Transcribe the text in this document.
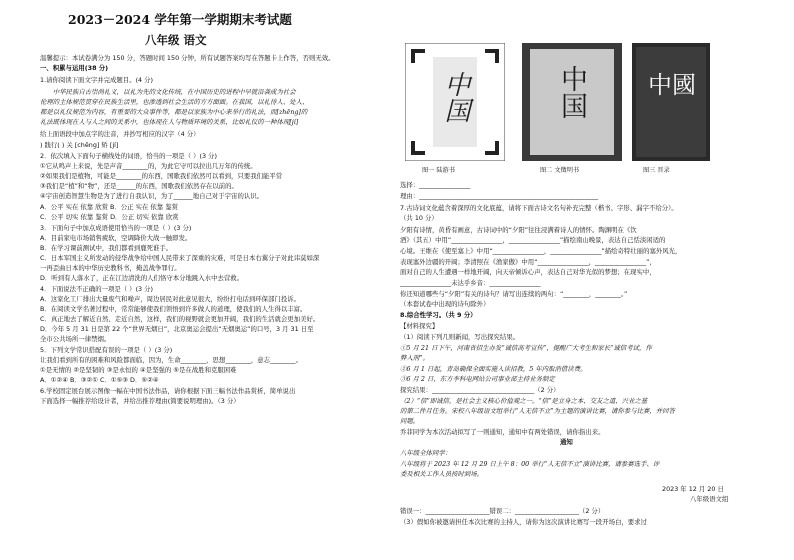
2023－2024 学年第一学期期末考试题
八年级 语文
温馨提示：本试卷满分为 150 分，答题时间 150 分钟，所有试题答案均写在答题卡上作答，否则无效。
一、积累与运用(38 分)
1.请你阅读下面文字并完成题目。(4 分)
　　中华民族自古崇尚礼义，以礼为先的文化传统，在中国历史的进程中早就沿袭成为社会
伦理的主体规范贯穿在民族生活里，也渗透到社会生活的方方面面。在我国，以礼待人、处人、
都是以礼仪规范为内容，有重要的大众事件等，都是以家族为中心来举行的礼法，而[zhēng]的
礼法既体现在人与人之间的关系中，也体现在人与物质环境的关系，比如礼仪的一种体现[jí]
给上面语段中加点字的注音，并抄写相应的汉字（4 分）
) 践行( ) 关 [chēng] 矫 [jí]
2．依次填入下面句子横线处的词语，恰当的一项是（ ）(3 分)
①它从鸣声上来说，先是声音________的，为此它守可以拉出几万年的传统。
②如果我们是植物，可能是________的东西，国歌我们依然可以看到，只要我们能平常
③我们是“植”和“物”，还是______的东西，国歌我们依然存在以前的。
④宇宙创造智慧生物是为了进行自我认识，为了______地自己对于宇宙的认识。
A．公平 实在 依靠 欣赏 B．公正 实在 依靠 鉴赏
C．公平 切实 依靠 鉴赏 D．公正 切实 依靠 欣赏
3．下面句子中加点成语使用恰当的一项是（ ）(3 分)
A．目前家电市场销售疲软，空调降价大战一触即发。
B．在学习课前测试中，我们都看到鹿死谁手。
C．日本军国主义所发动的侵华战争给中国人民带来了深重的灾难，可是日本右翼分子对此讳莫如深
一再歪曲日本的中华历史教科书，掩盖战争罪行。
D．听到有人落水了，正在江边清洗的人们恪守本分地跳入水中去营救。
4．下面说法不正确的一项是（ ）(3 分)
A．这家化工厂排出大量废气和噪声，周边居民对此意见很大，纷纷打电话到环保部门投诉。
B．在阅读文学名著过程中，常常能够使我们领悟到许多做人的道理，使我们的人生得以丰富。
C．真正地去了解近自然、走近自然，这样，我们的视野就会更加开阔，我们的生活就会更加美好。
D．今年 5 月 31 日是第 22 个“世界无烟日”，北京奥运会提出“无烟奥运”的口号，3 月 31 日至
全市公共场所一律禁烟。
5．下列文学常识搭配有误的一项是（ ）(3 分)
让我们看到所有的困难和风险都面临，因为，生命________，思想________，意志________。
①是无情的 ②是坚韧的 ③是永恒的 ④是坚强的 ⑤是在战胜和克服困难
A．①②④ B．③②① C．①⑤③ D．⑤②④
6.学校固定展台展示图像一幅在中国书法作品，请你根据下面三幅书法作品赏析，简单说出
下面选择一幅推荐给设计者，并给出推荐理由(简要说明理由)。（3 分）
中国	中国	中國
图一 陆游书	图二 文徵明书	图三 晋录
选择：________________
理由：________________________________________________________
7.古诗词文化蕴含着深厚的文化底蕴，请将下面古诗文名句补充完整（楷书、字形、漏字不给分）。
（共 10 分）
夕阳有诗情，黄昏有画意，古诗词中的“夕阳”往往浸满着诗人的情怀。陶渊明在《饮
酒》（其五）中用“________________，________________”描绘南山晚景，表达自己恬淡闲适的
心境。王维在《使至塞上》中用“________________，________________”描绘奇特壮丽的塞外风光，
表现塞外边疆的开阔；李清照在《渔家傲》中用“________________，________________”，
面对自己的人生遭遇一样地开阔，向天帝倾诉心声，表达自己对华光似的梦想；在现实中，
________________未达乎乡音：________________
你还知道哪些与“夕阳”有关的诗句？请写出连续的两句：“________，________。”
（本套试卷中出现的诗句除外）
8.综合性学习。（共 9 分）
【材料探究】
（1）阅读下列几则新闻，写出探究结果。
①5 月 21 日下午，河南省招生办发“诚信高考宣传”，提醒广大考生和家长“诚信考试，作
弊入刑”。
②6 月 1 日起，青岛确保全面实施入读招教，5 年内取消借读费。
③6 月 2 日，东方李科电网站公司事业部主持业务制定
探究结果：________________________________（2 分）
（2）“信”即诚信，是社会主义核心价值观之一。“信”是立身之本、交友之道、兴业之基
的第二件月任务。宋校八年级语文组举行“人无信不立”为主题的演讲比赛，请你参与比赛，并回答
问题。
乔菲同学为本次活动拟写了一则通知，通知中有两处错误，请你指出来。
通知
八年级全体同学：
八年级将于 2023 年 12 月 29 日上午 8：00 举行“人无信不立”演讲比赛，请参赛选手、评
委及相关工作人员按时到场。
2023 年 12 月 20 日
八年级语文组
错误一：____________________错误二：____________________（2 分）
（3）假如你被邀请担任本次比赛的主持人，请你为这次演讲比赛写一段开场白，要求过
